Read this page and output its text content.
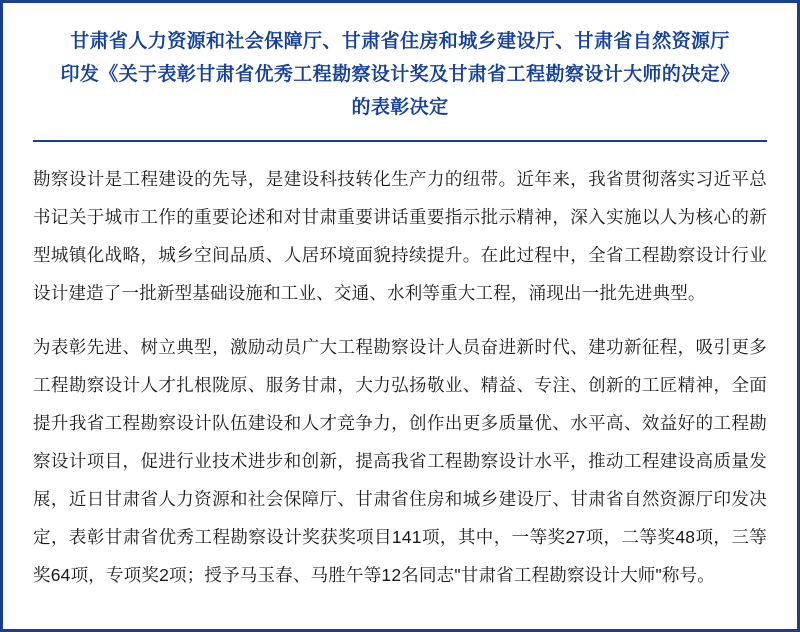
甘肃省人力资源和社会保障厅、甘肃省住房和城乡建设厅、甘肃省自然资源厅
印发《关于表彰甘肃省优秀工程勘察设计奖及甘肃省工程勘察设计大师的决定》
的表彰决定

勘察设计是工程建设的先导，是建设科技转化生产力的纽带。近年来，我省贯彻落实习近平总书记关于城市工作的重要论述和对甘肃重要讲话重要指示批示精神，深入实施以人为核心的新型城镇化战略，城乡空间品质、人居环境面貌持续提升。在此过程中，全省工程勘察设计行业设计建造了一批新型基础设施和工业、交通、水利等重大工程，涌现出一批先进典型。

为表彰先进、树立典型，激励动员广大工程勘察设计人员奋进新时代、建功新征程，吸引更多工程勘察设计人才扎根陇原、服务甘肃，大力弘扬敬业、精益、专注、创新的工匠精神，全面提升我省工程勘察设计队伍建设和人才竞争力，创作出更多质量优、水平高、效益好的工程勘察设计项目，促进行业技术进步和创新，提高我省工程勘察设计水平，推动工程建设高质量发展，近日甘肃省人力资源和社会保障厅、甘肃省住房和城乡建设厅、甘肃省自然资源厅印发决定，表彰甘肃省优秀工程勘察设计奖获奖项目141项，其中，一等奖27项，二等奖48项，三等奖64项，专项奖2项；授予马玉春、马胜午等12名同志"甘肃省工程勘察设计大师"称号。
